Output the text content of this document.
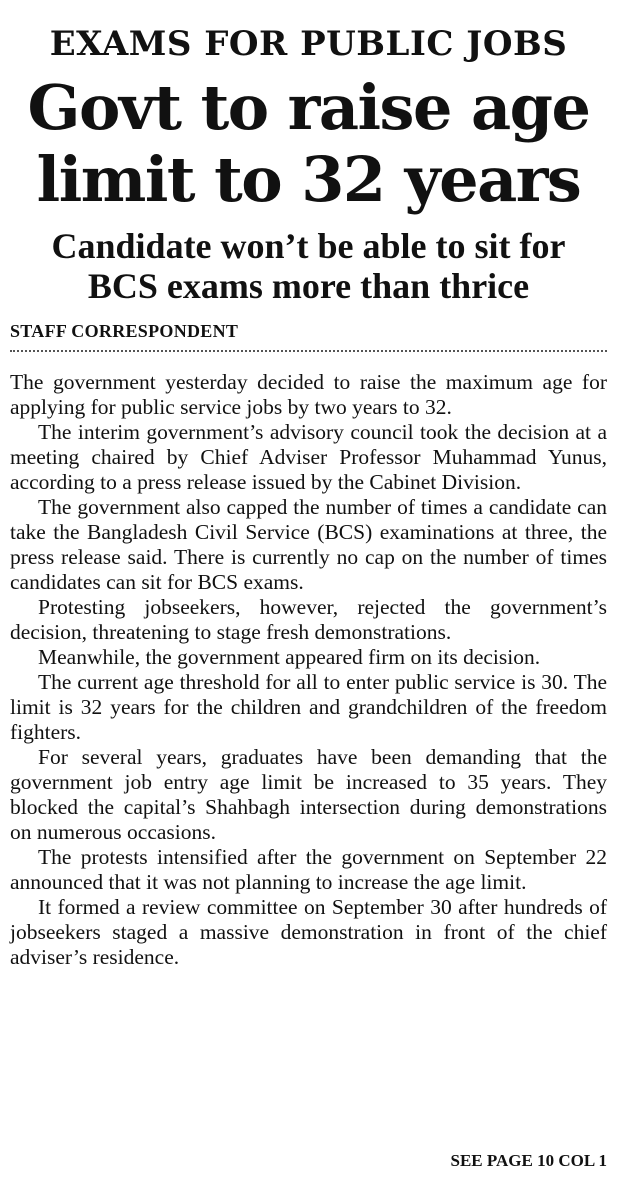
EXAMS FOR PUBLIC JOBS
Govt to raise age
limit to 32 years
Candidate won’t be able to sit for
BCS exams more than thrice
STAFF CORRESPONDENT

The government yesterday decided to raise the maximum age for applying for public service jobs by two years to 32.

The interim government’s advisory council took the decision at a meeting chaired by Chief Adviser Professor Muhammad Yunus, according to a press release issued by the Cabinet Division.

The government also capped the number of times a candidate can take the Bangladesh Civil Service (BCS) examinations at three, the press release said. There is currently no cap on the number of times candidates can sit for BCS exams.

Protesting jobseekers, however, rejected the government’s decision, threatening to stage fresh demonstrations.

Meanwhile, the government appeared firm on its decision.

The current age threshold for all to enter public service is 30. The limit is 32 years for the children and grandchildren of the freedom fighters.

For several years, graduates have been demanding that the government job entry age limit be increased to 35 years. They blocked the capital’s Shahbagh intersection during demonstrations on numerous occasions.

The protests intensified after the government on September 22 announced that it was not planning to increase the age limit.

It formed a review committee on September 30 after hundreds of jobseekers staged a massive demonstration in front of the chief adviser’s residence.

SEE PAGE 10 COL 1
